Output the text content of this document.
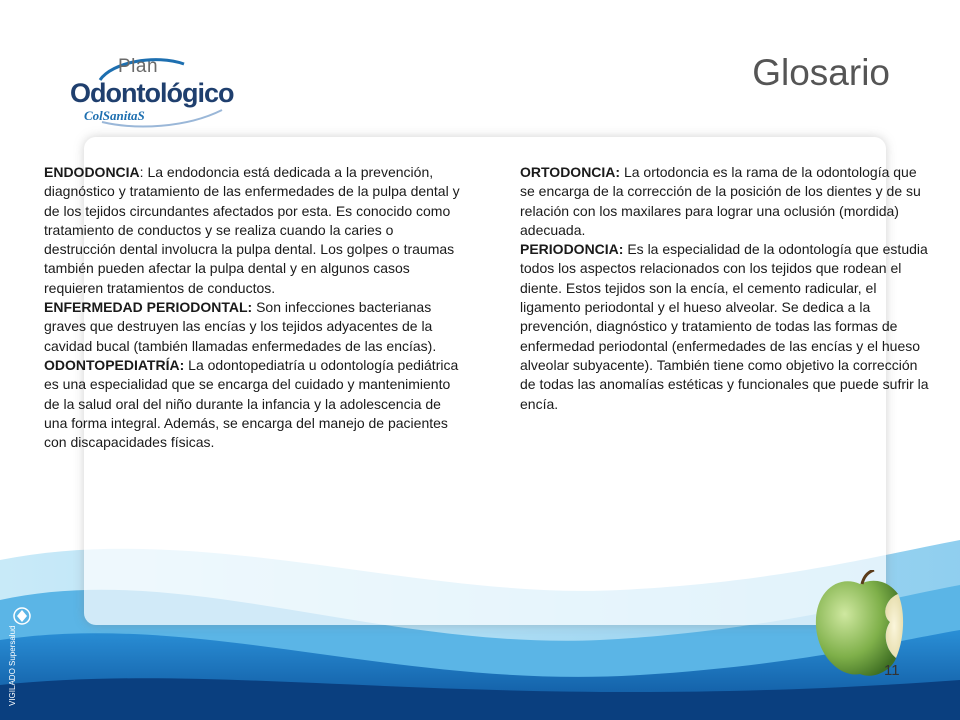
Plan
Odontológico
ColSanitaS
Glosario

ENDODONCIA: La endodoncia está dedicada a la prevención, diagnóstico y tratamiento de las enfermedades de la pulpa dental y de los tejidos circundantes afectados por esta. Es conocido como tratamiento de conductos y se realiza cuando la caries o destrucción dental involucra la pulpa dental. Los golpes o traumas también pueden afectar la pulpa dental y en algunos casos requieren tratamientos de conductos.

ENFERMEDAD PERIODONTAL: Son infecciones bacterianas graves que destruyen las encías y los tejidos adyacentes de la cavidad bucal (también llamadas enfermedades de las encías).

ODONTOPEDIATRÍA: La odontopediatría u odontología pediátrica es una especialidad que se encarga del cuidado y mantenimiento de la salud oral del niño durante la infancia y la adolescencia de una forma integral. Además, se encarga del manejo de pacientes con discapacidades físicas.

ORTODONCIA: La ortodoncia es la rama de la odontología que se encarga de la corrección de la posición de los dientes y de su relación con los maxilares para lograr una oclusión (mordida) adecuada.

PERIODONCIA: Es la especialidad de la odontología que estudia todos los aspectos relacionados con los tejidos que rodean el diente. Estos tejidos son la encía, el cemento radicular, el ligamento periodontal y el hueso alveolar. Se dedica a la prevención, diagnóstico y tratamiento de todas las formas de enfermedad periodontal (enfermedades de las encías y el hueso alveolar subyacente). También tiene como objetivo la corrección de todas las anomalías estéticas y funcionales que puede sufrir la encía.

11
VIGILADO Supersalud
